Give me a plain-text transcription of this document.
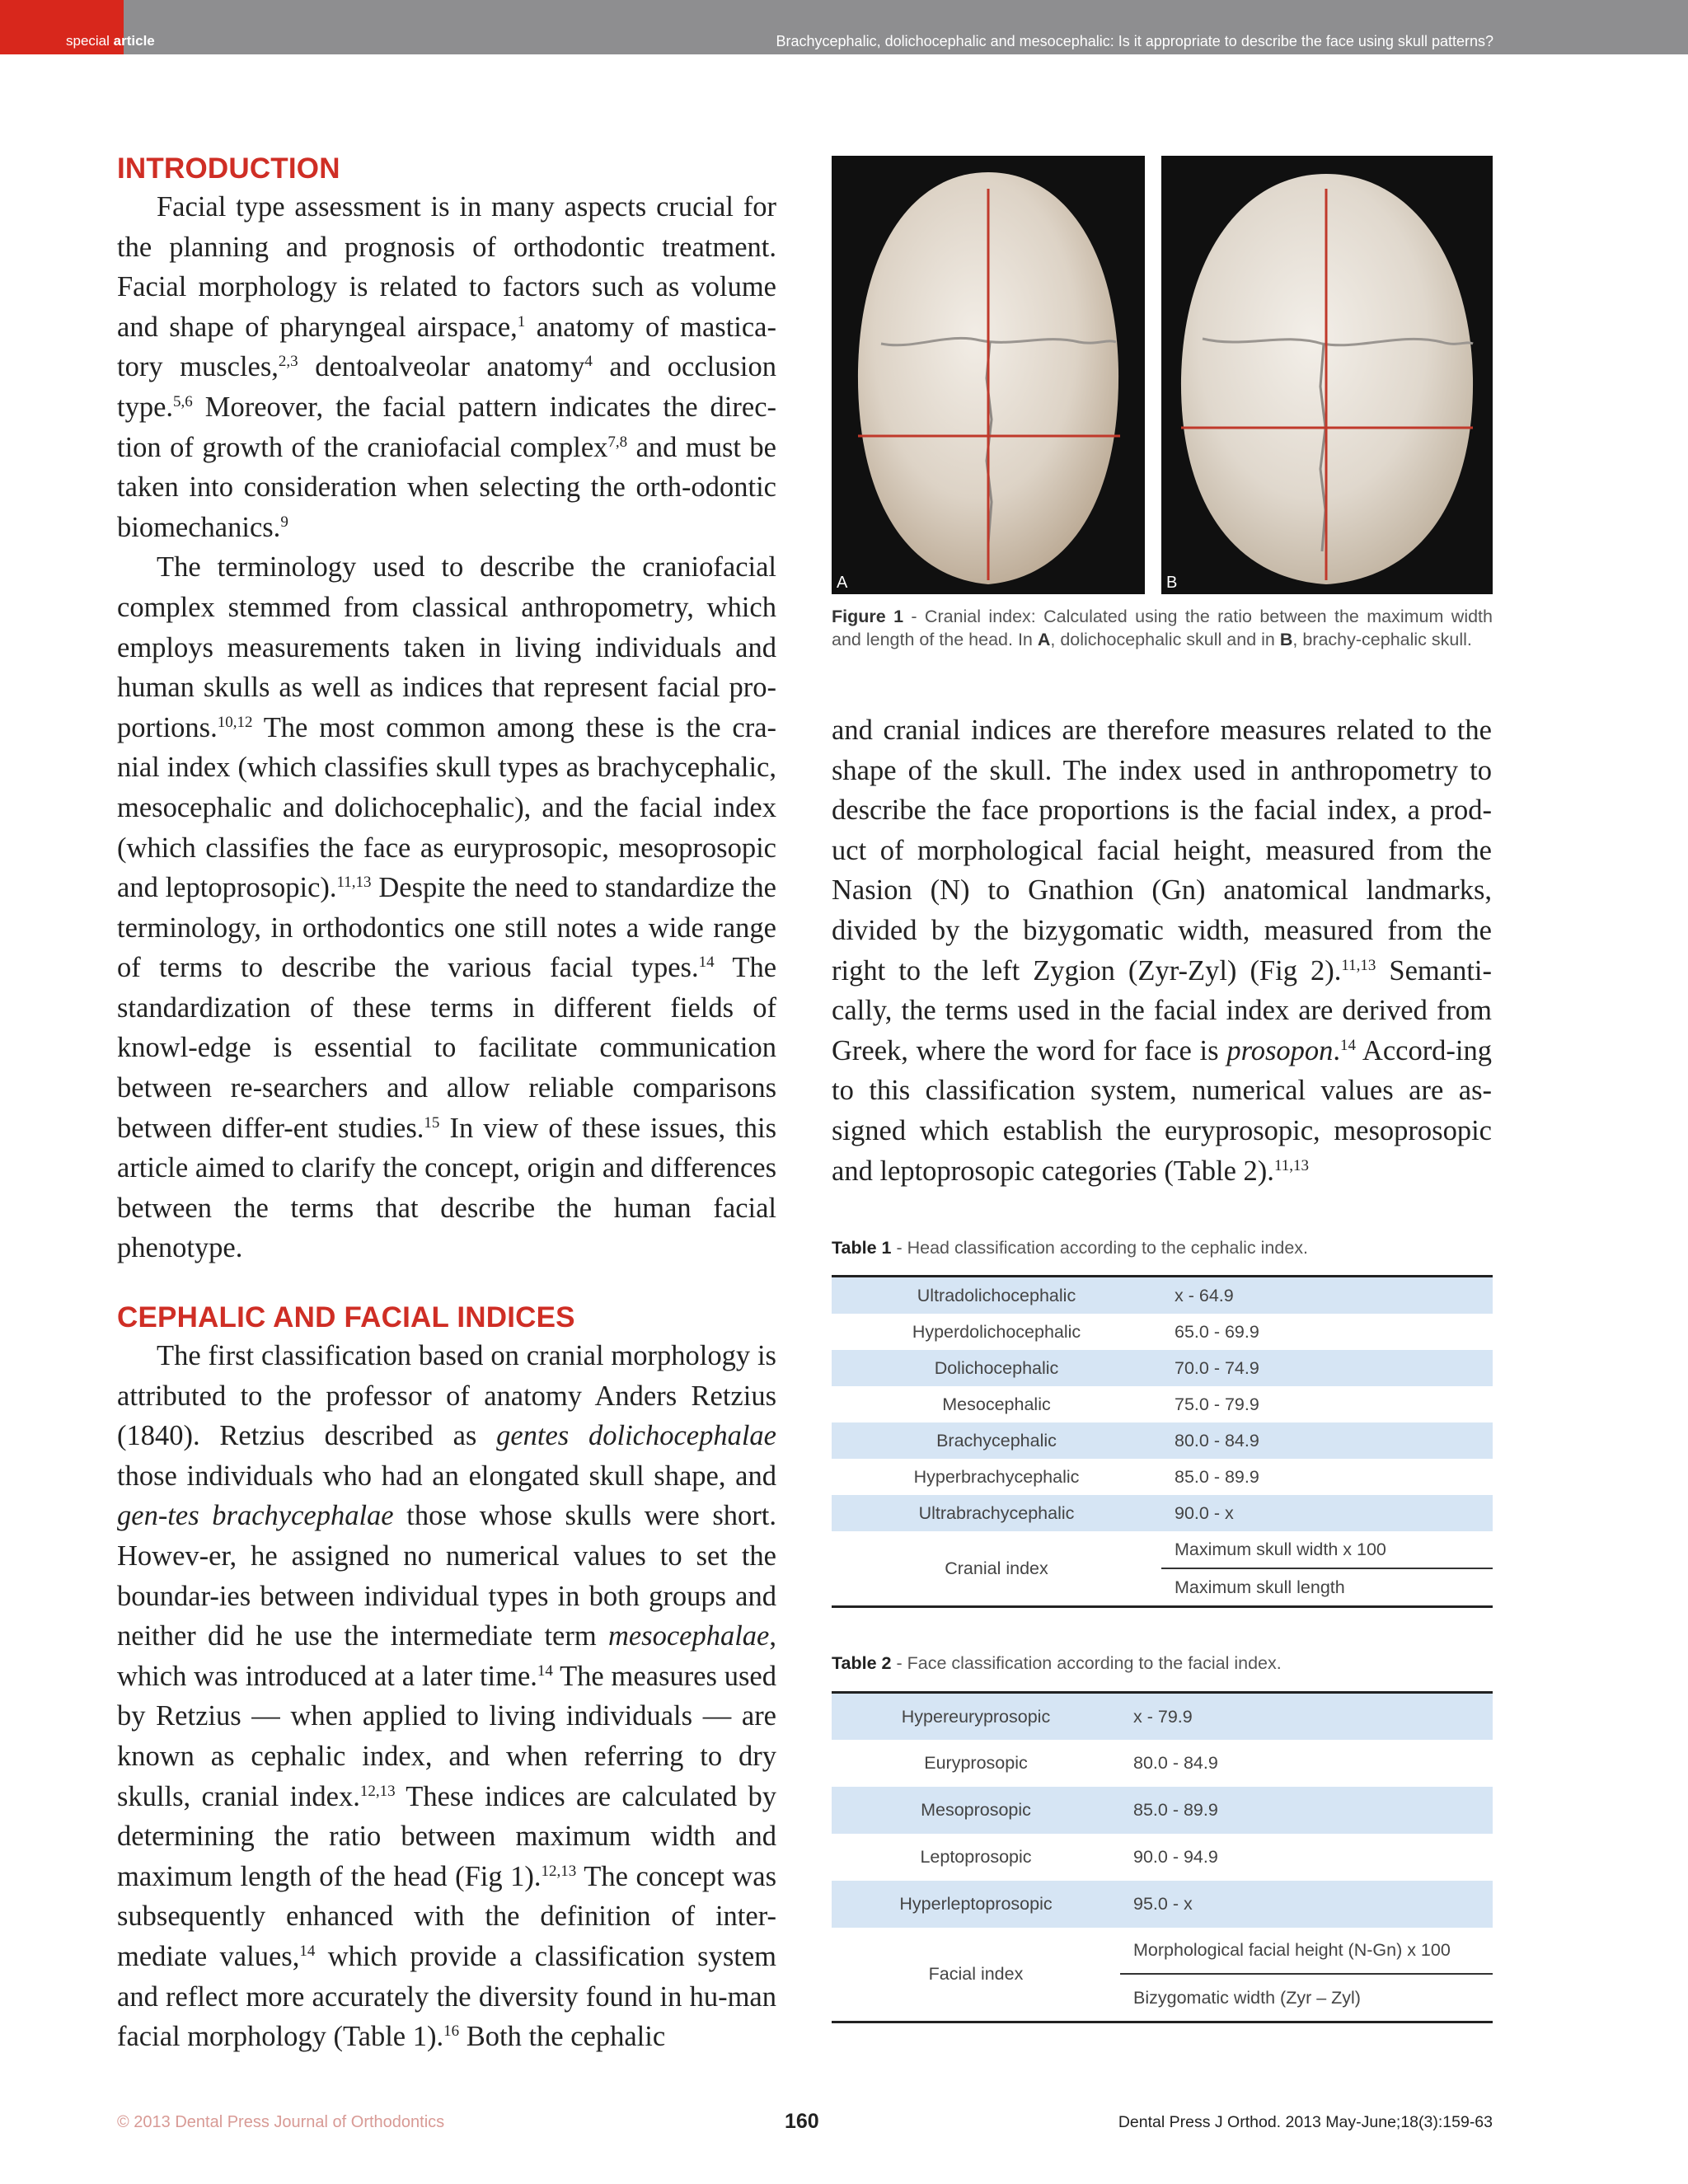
special article	Brachycephalic, dolichocephalic and mesocephalic: Is it appropriate to describe the face using skull patterns?
INTRODUCTION

Facial type assessment is in many aspects crucial for the planning and prognosis of orthodontic treatment. Facial morphology is related to factors such as volume and shape of pharyngeal airspace,$^1$ anatomy of mastica-tory muscles,$^{2,3}$ dentoalveolar anatomy$^4$ and occlusion type.$^{5,6}$ Moreover, the facial pattern indicates the direc-tion of growth of the craniofacial complex$^{7,8}$ and must be taken into consideration when selecting the orth-odontic biomechanics.$^9$

The terminology used to describe the craniofacial complex stemmed from classical anthropometry, which employs measurements taken in living individuals and human skulls as well as indices that represent facial pro-portions.$^{10,12}$ The most common among these is the cra-nial index (which classifies skull types as brachycephalic, mesocephalic and dolichocephalic), and the facial index (which classifies the face as euryprosopic, mesoprosopic and leptoprosopic).$^{11,13}$ Despite the need to standardize the terminology, in orthodontics one still notes a wide range of terms to describe the various facial types.$^{14}$ The standardization of these terms in different fields of knowl-edge is essential to facilitate communication between re-searchers and allow reliable comparisons between differ-ent studies.$^{15}$ In view of these issues, this article aimed to clarify the concept, origin and differences between the terms that describe the human facial phenotype.

CEPHALIC AND FACIAL INDICES

The first classification based on cranial morphology is attributed to the professor of anatomy Anders Retzius (1840). Retzius described as gentes dolichocephalae those individuals who had an elongated skull shape, and gen-tes brachycephalae those whose skulls were short. Howev-er, he assigned no numerical values to set the boundar-ies between individual types in both groups and neither did he use the intermediate term mesocephalae, which was introduced at a later time.$^{14}$ The measures used by Retzius — when applied to living individuals — are known as cephalic index, and when referring to dry skulls, cranial index.$^{12,13}$ These indices are calculated by determining the ratio between maximum width and maximum length of the head (Fig 1).$^{12,13}$ The concept was subsequently enhanced with the definition of inter-mediate values,$^{14}$ which provide a classification system and reflect more accurately the diversity found in hu-man facial morphology (Table 1).$^{16}$ Both the cephalic

A	B
Figure 1 - Cranial index: Calculated using the ratio between the maximum width and length of the head. In A, dolichocephalic skull and in B, brachy-cephalic skull.

and cranial indices are therefore measures related to the shape of the skull. The index used in anthropometry to describe the face proportions is the facial index, a prod-uct of morphological facial height, measured from the Nasion (N) to Gnathion (Gn) anatomical landmarks, divided by the bizygomatic width, measured from the right to the left Zygion (Zyr-Zyl) (Fig 2).$^{11,13}$ Semanti-cally, the terms used in the facial index are derived from Greek, where the word for face is prosopon.$^{14}$ Accord-ing to this classification system, numerical values are as-signed which establish the euryprosopic, mesoprosopic and leptoprosopic categories (Table 2).$^{11,13}$

Table 1 - Head classification according to the cephalic index.
Ultradolichocephalic	x - 64.9
Hyperdolichocephalic	65.0 - 69.9
Dolichocephalic	70.0 - 74.9
Mesocephalic	75.0 - 79.9
Brachycephalic	80.0 - 84.9
Hyperbrachycephalic	85.0 - 89.9
Ultrabrachycephalic	90.0 - x
Cranial index	$\frac{\text{Maximum skull width x 100}}{\text{Maximum skull length}}$
Table 2 - Face classification according to the facial index.
Hypereuryprosopic	x - 79.9
Euryprosopic	80.0 - 84.9
Mesoprosopic	85.0 - 89.9
Leptoprosopic	90.0 - 94.9
Hyperleptoprosopic	95.0 - x
Facial index	$\frac{\text{Morphological facial height (N-Gn) x 100}}{\text{Bizygomatic width (Zyr – Zyl)}}$
© 2013 Dental Press Journal of Orthodontics	160	Dental Press J Orthod. 2013 May-June;18(3):159-63
